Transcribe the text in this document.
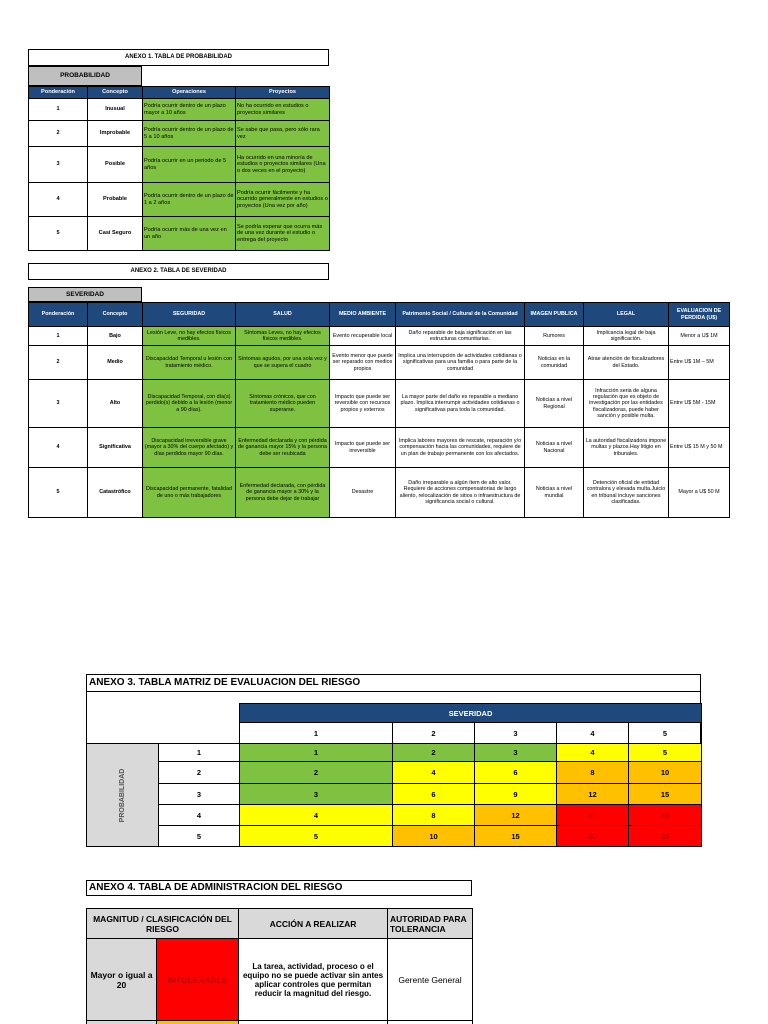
ANEXO 1. TABLA DE PROBABILIDAD
PROBABILIDAD
Ponderación	Concepto	Operaciones	Proyectos
1	Inusual	Podría ocurrir dentro de un plazo mayor a 10 años	No ha ocurrido en estudios o proyectos similares
2	Improbable	Podría ocurrir dentro de un plazo de 5 a 10 años	Se sabe que pasa, pero sólo rara vez
3	Posible	Podría ocurrir en un periodo de 5 años	Ha ocurrido en una minoría de estudios o proyectos similares (Una o dos veces en el proyecto)
4	Probable	Podría ocurrir dentro de un plazo de 1 a 2 años	Podría ocurrir fácilmente y ha ocurrido generalmente en estudios o proyectos (Una vez por año)
5	Casi Seguro	Podría ocurrir más de una vez en un año	Se podría esperar que ocurra más de una vez durante el estudio o entrega del proyecto
ANEXO 2. TABLA DE SEVERIDAD
SEVERIDAD
Ponderación	Concepto	SEGURIDAD	SALUD	MEDIO AMBIENTE	Patrimonio Social / Cultural de la Comunidad	IMAGEN PUBLICA	LEGAL	EVALUACION DE PERDIDA (U$)
1	Bajo	Lesión Leve, no hay efectos físicos medibles.	Síntomas Leves, no hay efectos físicos medibles.	Evento recuperable local	Daño reparable de baja significación en las estructuras comunitarias.	Rumores	Implicancia legal de baja significación.	Menor a U$ 1M
2	Medio	Discapacidad Temporal u lesión con tratamiento médico.	Síntomas agudos, por una sola vez y que se supera el cuadro	Evento menor que puede ser reparado con medios propios	Implica una interrupción de actividades cotidianas o significativas para una familia o para parte de la comunidad	Noticias en la comunidad	Atrae atención de fiscalizadores del Estado.	Entre U$ 1M – 5M
3	Alto	Discapacidad Temporal, con día(s) perdido(s) debido a la lesión (menor a 90 días).	Síntomas crónicos, que con tratamiento médico pueden superarse.	Impacto que puede ser reversible con recursos propios y externos	La mayor parte del daño es reparable a mediano plazo. Implica interrumpir actividades cotidianas o significativas para toda la comunidad.	Noticias a nivel Regional	Infracción seria de alguna regulación que es objeto de investigación por las entidades fiscalizadoras, puede haber sanción y posible multa.	Entre U$ 5M - 15M
4	Significativa	Discapacidad irreversible grave (mayor a 30% del cuerpo afectado) y días perdidos mayor 90 días.	Enfermedad declarada y con pérdida de ganancia mayor 15% y la persona debe ser reubicada	Impacto que puede ser irreversible	Implica labores mayores de rescate, reparación y/o compensación hacia las comunidades, requiere de un plan de trabajo permanente con los afectados.	Noticias a nivel Nacional	La autoridad fiscalizadora impone multas y plazos.Hay litigio en tribunales.	Entre U$ 15 M y 50 M
5	Catastrófico	Discapacidad permanente, fatalidad de uno o más trabajadores	Enfermedad declarada, con pérdida de ganancia mayor a 30% y la persona debe dejar de trabajar	Desastre	Daño irreparable a algún ítem de alto valor. Requiere de acciones compensatorias de largo aliento, relocalización de sitios o infraestructura de significancia social o cultural.	Noticias a nivel mundial	Detención oficial de entidad contralora y elevada multa.Juicio en tribunal incluye sanciones clasificadas.	Mayor a U$ 50 M
ANEXO 3. TABLA MATRIZ DE EVALUACION DEL RIESGO
		SEVERIDAD				
		1	2	3	4	5

PROBABILIDAD	1	1	2	3	4	5
	2	2	4	6	8	10
	3	3	6	9	12	15
	4	4	8	12	16	20
	5	5	10	15	20	25
ANEXO 4. TABLA DE ADMINISTRACION DEL RIESGO
MAGNITUD / CLASIFICACIÓN DEL RIESGO		ACCIÓN A REALIZAR	AUTORIDAD PARA TOLERANCIA
Mayor o igual a 20	INTOLERABLE	La tarea, actividad, proceso o el equipo no se puede activar sin antes aplicar controles que permitan reducir la magnitud del riesgo.	Gerente General
